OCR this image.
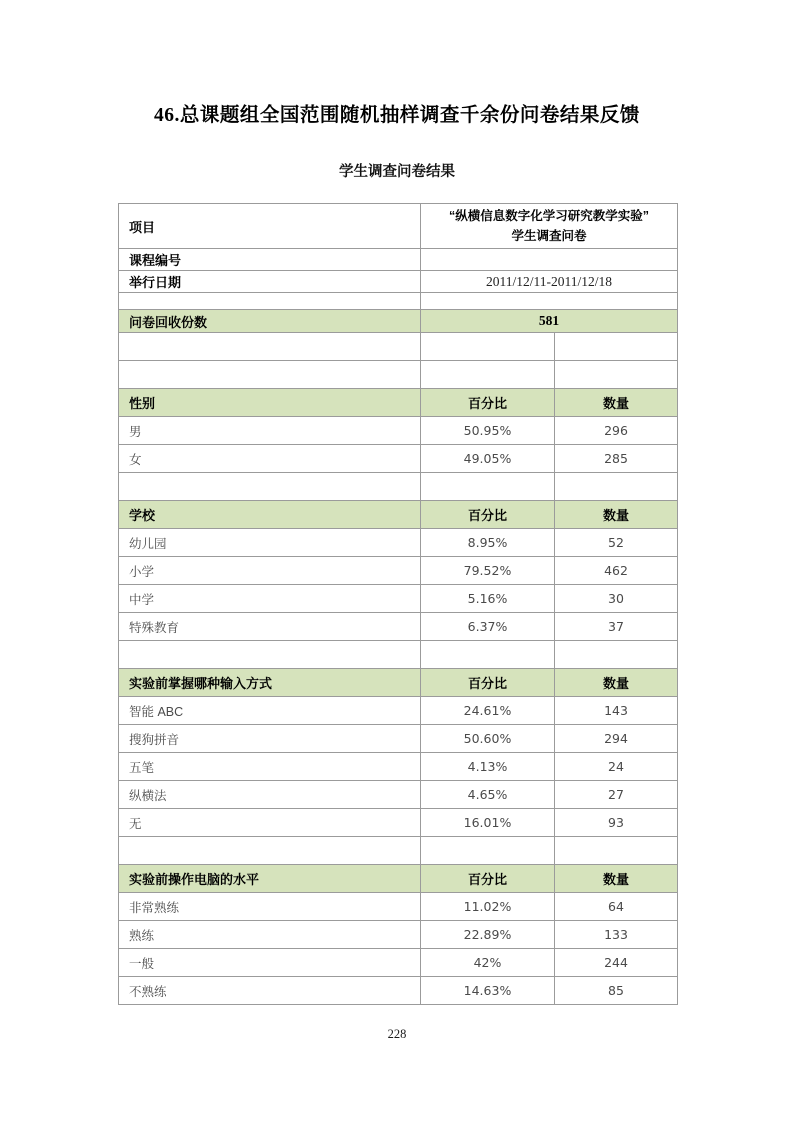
46.总课题组全国范围随机抽样调查千余份问卷结果反馈
学生调查问卷结果
项目	“纵横信息数字化学习研究教学实验”
学生调查问卷	

课程编号		
举行日期	2011/12/11-2011/12/18	

问卷回收份数	581	

性别	百分比	数量
男	50.95%	296
女	49.05%	285

学校	百分比	数量
幼儿园	8.95%	52
小学	79.52%	462
中学	5.16%	30
特殊教育	6.37%	37

实验前掌握哪种输入方式	百分比	数量
智能 ABC	24.61%	143
搜狗拼音	50.60%	294
五笔	4.13%	24
纵横法	4.65%	27
无	16.01%	93

实验前操作电脑的水平	百分比	数量
非常熟练	11.02%	64
熟练	22.89%	133
一般	42%	244
不熟练	14.63%	85
228
